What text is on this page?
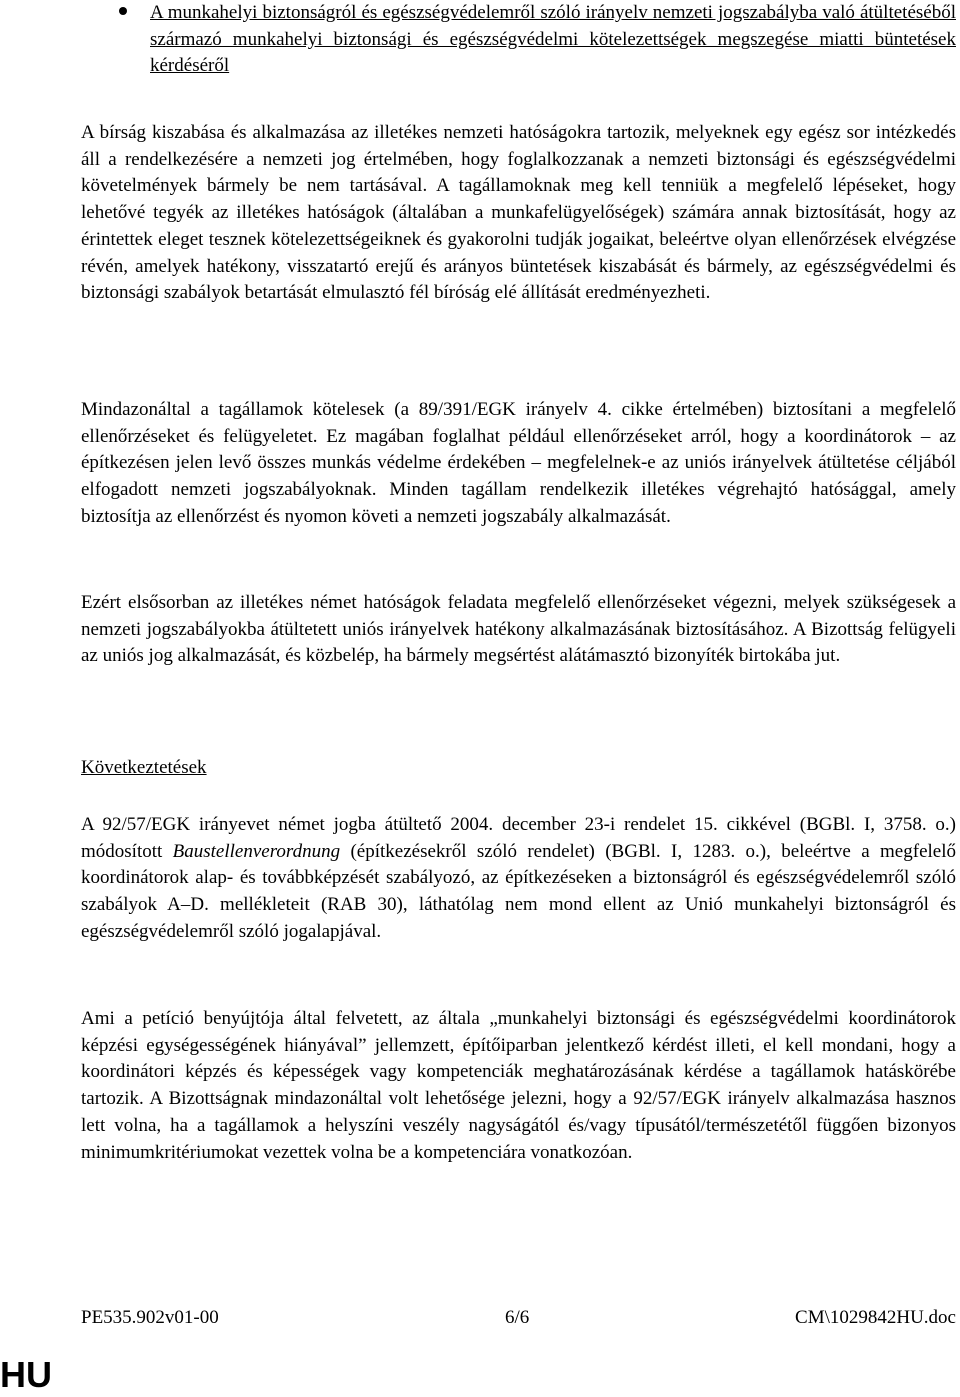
A munkahelyi biztonságról és egészségvédelemről szóló irányelv nemzeti jogszabályba való átültetéséből származó munkahelyi biztonsági és egészségvédelmi kötelezettségek megszegése miatti büntetések kérdéséről

A bírság kiszabása és alkalmazása az illetékes nemzeti hatóságokra tartozik, melyeknek egy egész sor intézkedés áll a rendelkezésére a nemzeti jog értelmében, hogy foglalkozzanak a nemzeti biztonsági és egészségvédelmi követelmények bármely be nem tartásával. A tagállamoknak meg kell tenniük a megfelelő lépéseket, hogy lehetővé tegyék az illetékes hatóságok (általában a munkafelügyelőségek) számára annak biztosítását, hogy az érintettek eleget tesznek kötelezettségeiknek és gyakorolni tudják jogaikat, beleértve olyan ellenőrzések elvégzése révén, amelyek hatékony, visszatartó erejű és arányos büntetések kiszabását és bármely, az egészségvédelmi és biztonsági szabályok betartását elmulasztó fél bíróság elé állítását eredményezheti.

Mindazonáltal a tagállamok kötelesek (a 89/391/EGK irányelv 4. cikke értelmében) biztosítani a megfelelő ellenőrzéseket és felügyeletet. Ez magában foglalhat például ellenőrzéseket arról, hogy a koordinátorok – az építkezésen jelen levő összes munkás védelme érdekében – megfelelnek-e az uniós irányelvek átültetése céljából elfogadott nemzeti jogszabályoknak. Minden tagállam rendelkezik illetékes végrehajtó hatósággal, amely biztosítja az ellenőrzést és nyomon követi a nemzeti jogszabály alkalmazását.

Ezért elsősorban az illetékes német hatóságok feladata megfelelő ellenőrzéseket végezni, melyek szükségesek a nemzeti jogszabályokba átültetett uniós irányelvek hatékony alkalmazásának biztosításához. A Bizottság felügyeli az uniós jog alkalmazását, és közbelép, ha bármely megsértést alátámasztó bizonyíték birtokába jut.

Következtetések

A 92/57/EGK irányevet német jogba átültető 2004. december 23-i rendelet 15. cikkével (BGBl. I, 3758. o.) módosított Baustellenverordnung (építkezésekről szóló rendelet) (BGBl. I, 1283. o.), beleértve a megfelelő koordinátorok alap- és továbbképzését szabályozó, az építkezéseken a biztonságról és egészségvédelemről szóló szabályok A–D. mellékleteit (RAB 30), láthatólag nem mond ellent az Unió munkahelyi biztonságról és egészségvédelemről szóló jogalapjával.

Ami a petíció benyújtója által felvetett, az általa „munkahelyi biztonsági és egészségvédelmi koordinátorok képzési egységességének hiányával” jellemzett, építőiparban jelentkező kérdést illeti, el kell mondani, hogy a koordinátori képzés és képességek vagy kompetenciák meghatározásának kérdése a tagállamok hatáskörébe tartozik. A Bizottságnak mindazonáltal volt lehetősége jelezni, hogy a 92/57/EGK irányelv alkalmazása hasznos lett volna, ha a tagállamok a helyszíni veszély nagyságától és/vagy típusától/természetétől függően bizonyos minimumkritériumokat vezettek volna be a kompetenciára vonatkozóan.

PE535.902v01-00	6/6	CM\1029842HU.doc

HU
